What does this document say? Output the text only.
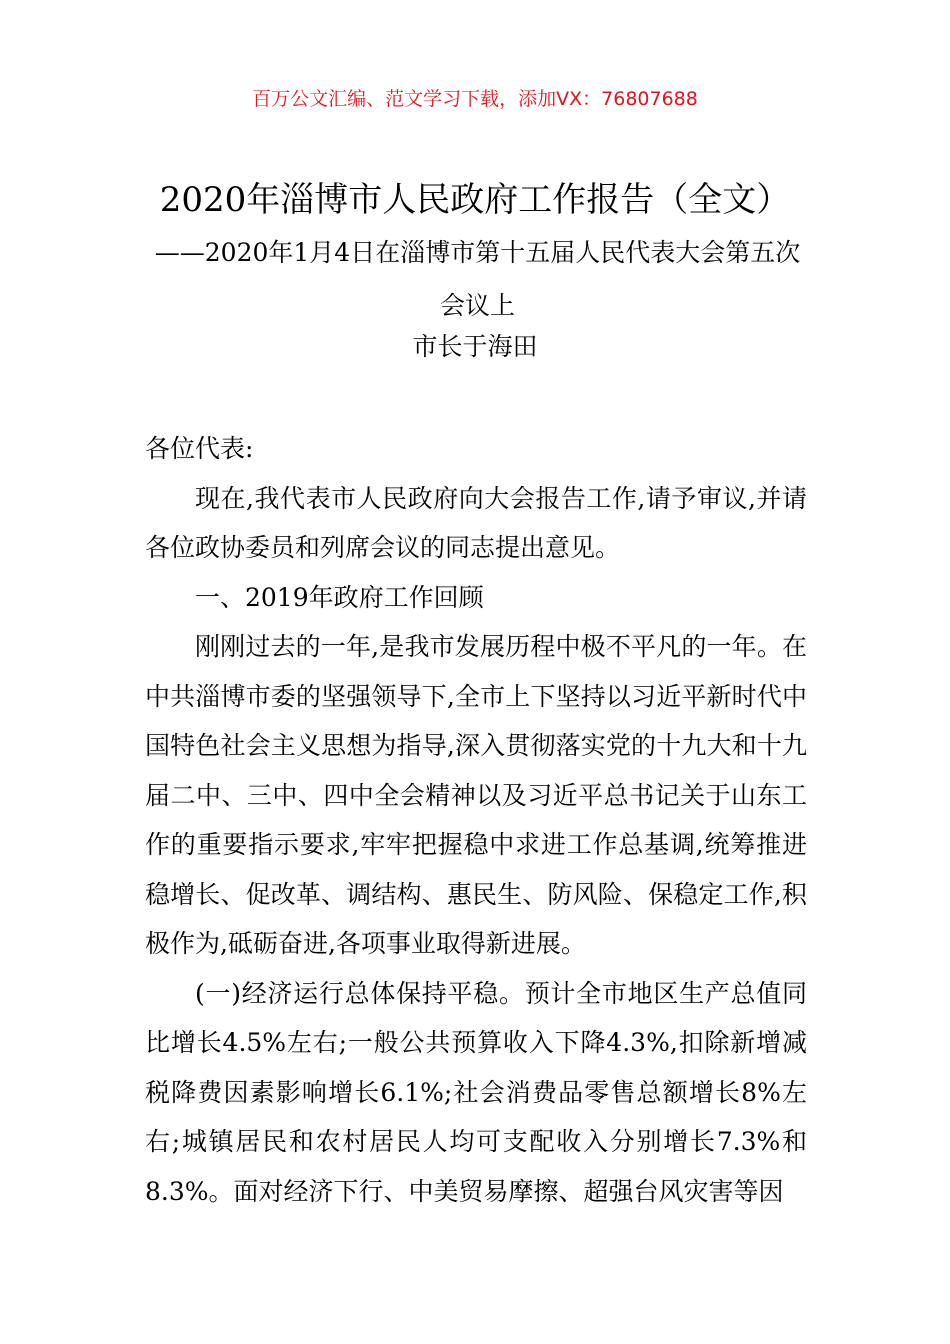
百万公文汇编、范文学习下载，添加VX：76807688
2020年淄博市人民政府工作报告（全文）
——2020年1月4日在淄博市第十五届人民代表大会第五次会议上
市长于海田

各位代表:

现在,我代表市人民政府向大会报告工作,请予审议,并请各位政协委员和列席会议的同志提出意见。

一、2019年政府工作回顾

刚刚过去的一年,是我市发展历程中极不平凡的一年。在中共淄博市委的坚强领导下,全市上下坚持以习近平新时代中国特色社会主义思想为指导,深入贯彻落实党的十九大和十九届二中、三中、四中全会精神以及习近平总书记关于山东工作的重要指示要求,牢牢把握稳中求进工作总基调,统筹推进稳增长、促改革、调结构、惠民生、防风险、保稳定工作,积极作为,砥砺奋进,各项事业取得新进展。

(一)经济运行总体保持平稳。预计全市地区生产总值同比增长4.5%左右;一般公共预算收入下降4.3%,扣除新增减税降费因素影响增长6.1%;社会消费品零售总额增长8%左右;城镇居民和农村居民人均可支配收入分别增长7.3%和8.3%。面对经济下行、中美贸易摩擦、超强台风灾害等因
